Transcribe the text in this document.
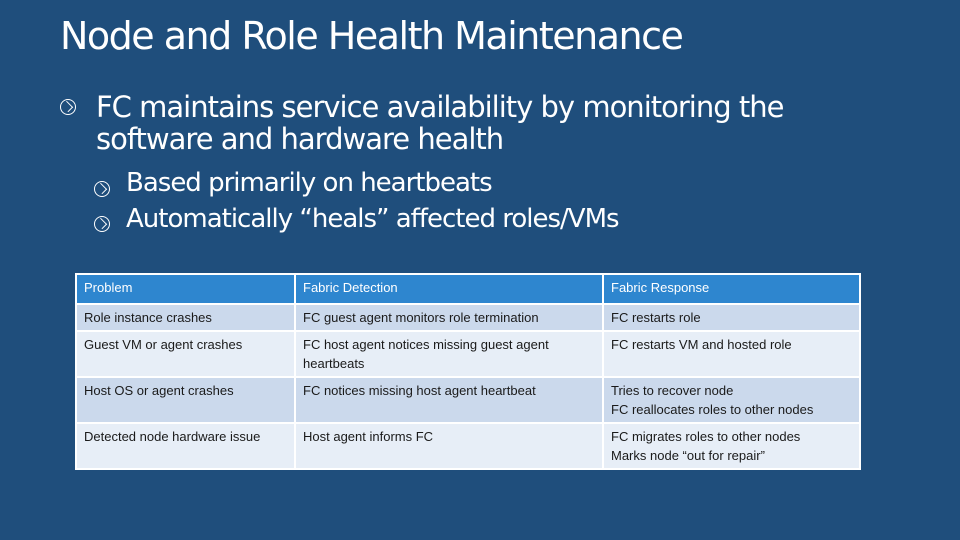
Node and Role Health Maintenance
FC maintains service availability by monitoring the software and hardware health
Based primarily on heartbeats
Automatically “heals” affected roles/VMs
Problem	Fabric Detection	Fabric Response
Role instance crashes	FC guest agent monitors role termination	FC restarts role

Guest VM or agent crashes	FC host agent notices missing guest agent heartbeats	FC restarts VM and hosted role

Host OS or agent crashes	FC notices missing host agent heartbeat	Tries to recover node
FC reallocates roles to other nodes

Detected node hardware issue	Host agent informs FC	FC migrates roles to other nodes
Marks node “out for repair”
